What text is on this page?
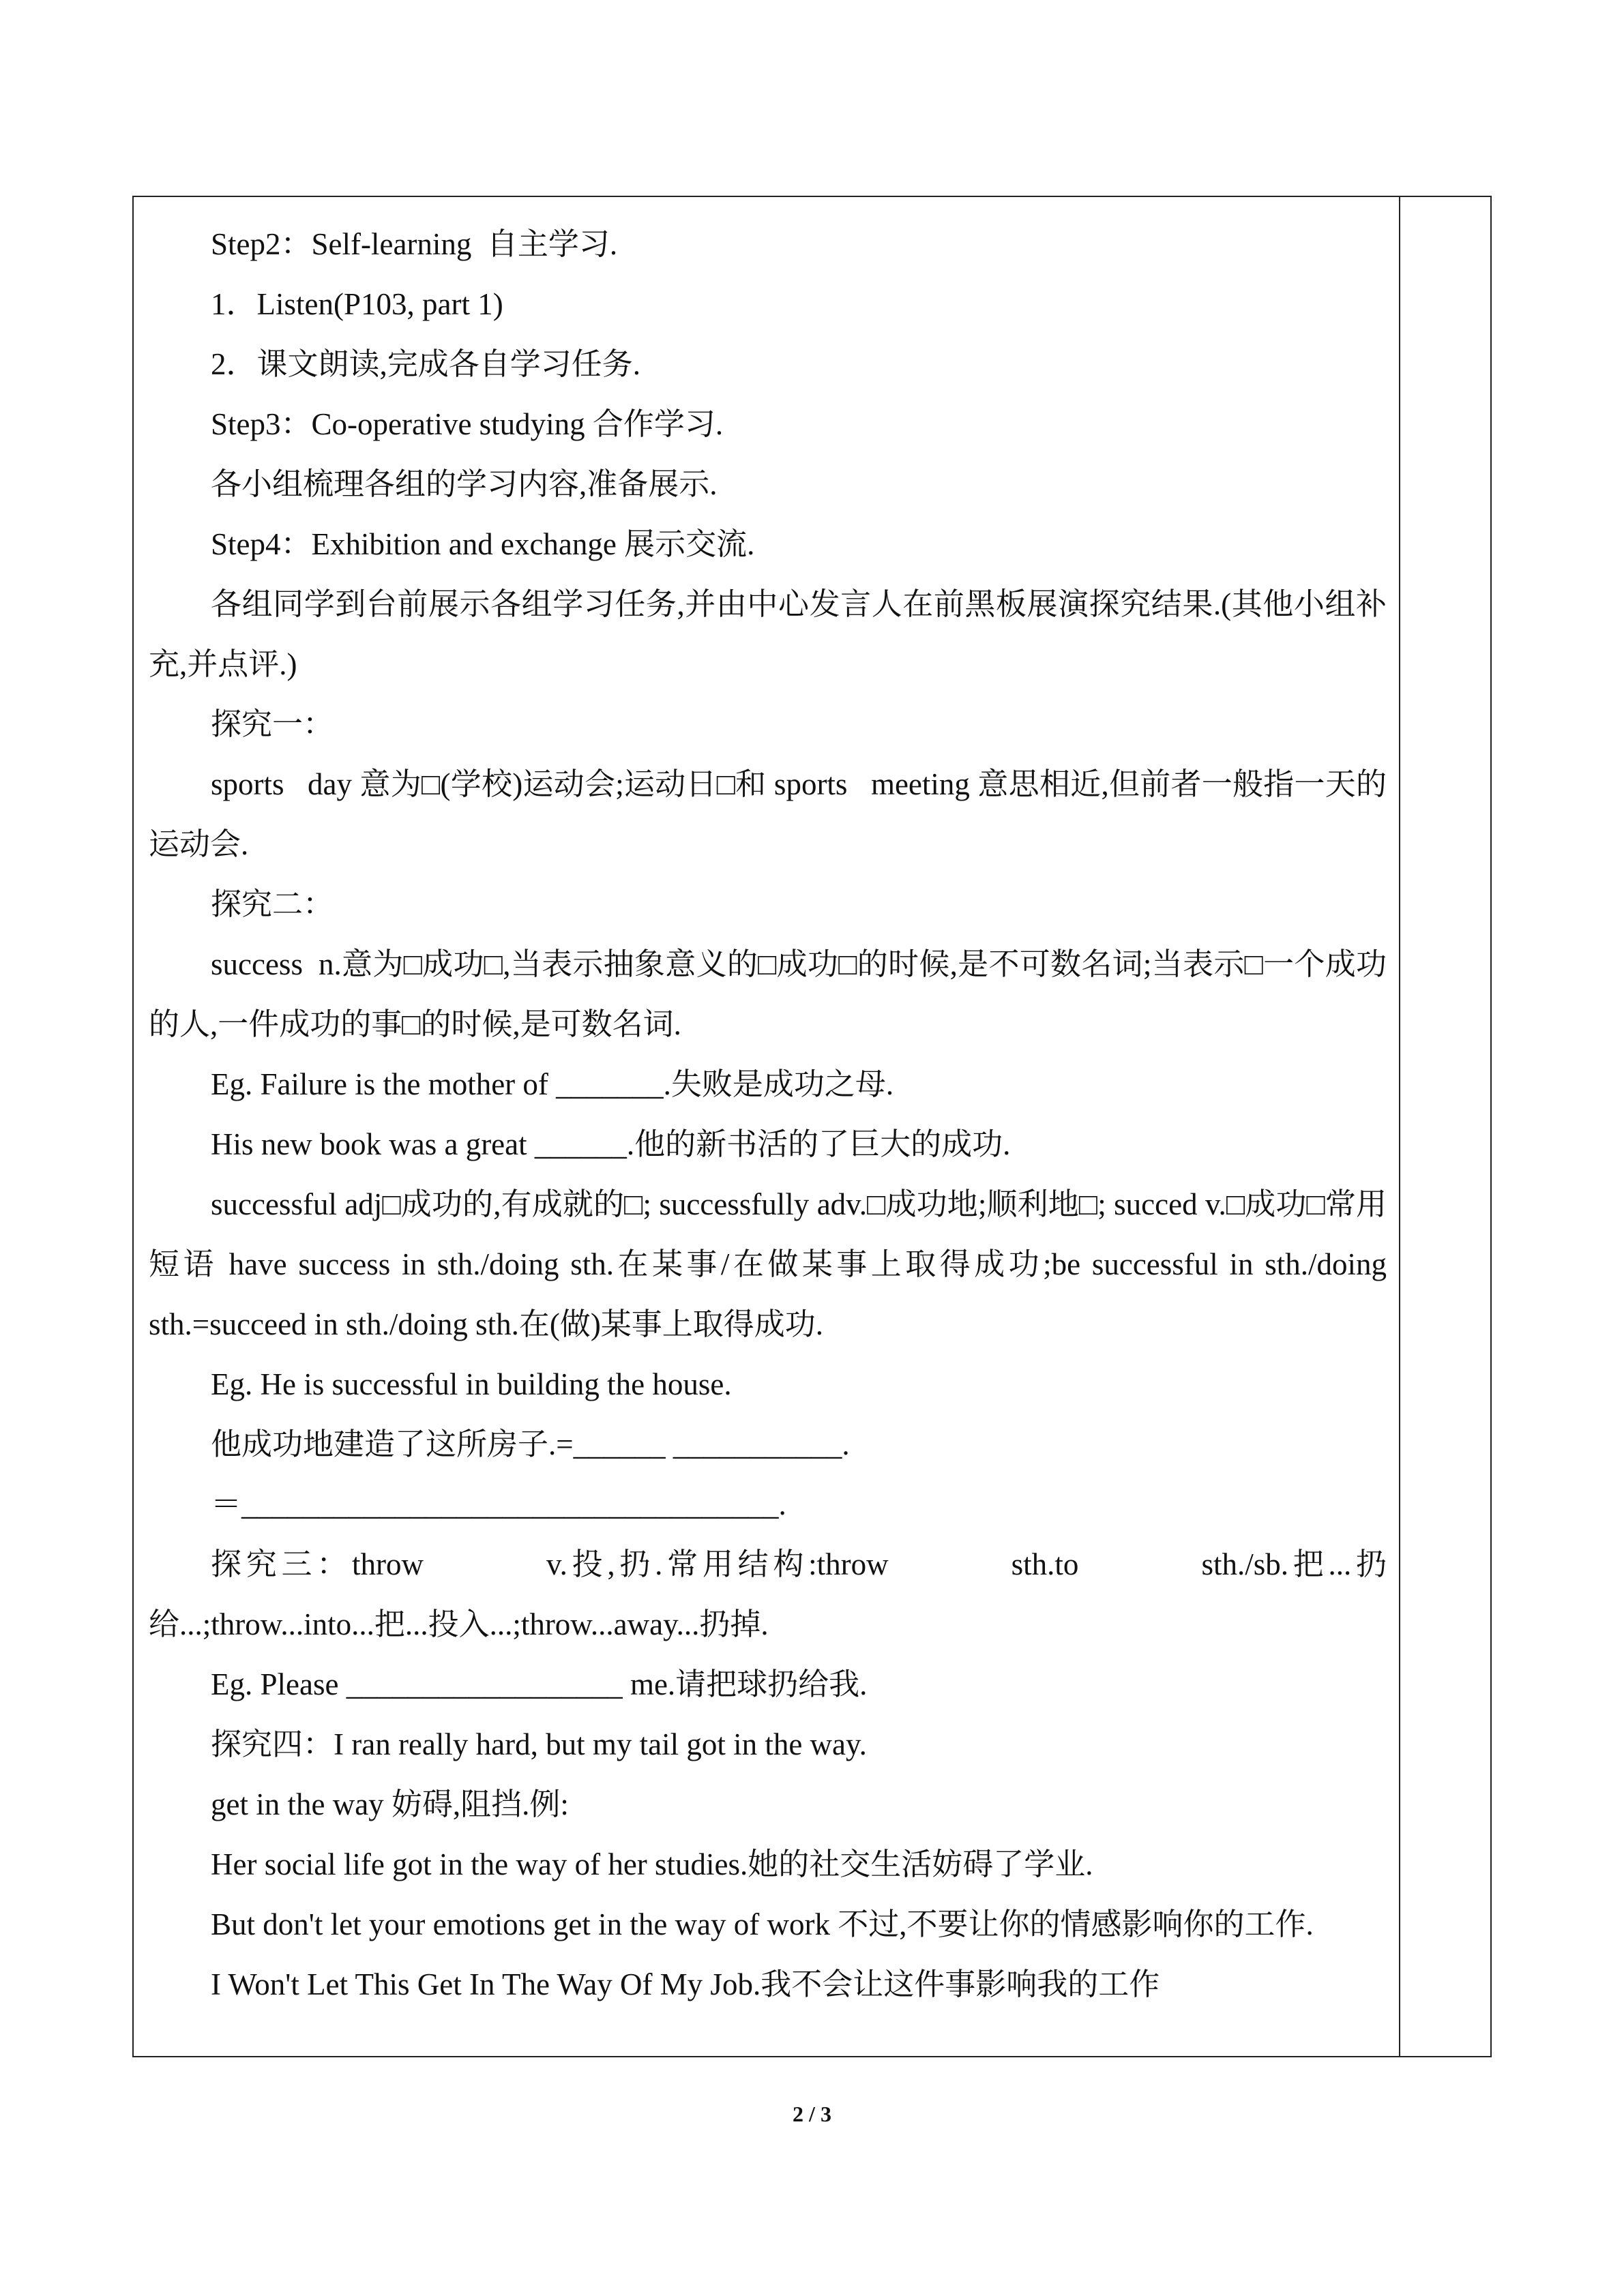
Step2：Self-learning  自主学习.

1．Listen(P103, part 1)

2．课文朗读,完成各自学习任务.

Step3：Co-operative studying 合作学习.

各小组梳理各组的学习内容,准备展示.

Step4：Exhibition and exchange 展示交流.

各组同学到台前展示各组学习任务,并由中心发言人在前黑板展演探究结果.(其他小组补充,并点评.)

探究一：

sports   day 意为□(学校)运动会;运动日□和 sports   meeting 意思相近,但前者一般指一天的运动会.

探究二：

success  n.意为□成功□,当表示抽象意义的□成功□的时候,是不可数名词;当表示□一个成功的人,一件成功的事□的时候,是可数名词.

Eg. Failure is the mother of _______.失败是成功之母.

His new book was a great ______.他的新书活的了巨大的成功.

successful adj□成功的,有成就的□; successfully adv.□成功地;顺利地□; succed v.□成功□常用短语 have success in sth./doing sth.在某事/在做某事上取得成功;be successful in sth./doing sth.=succeed in sth./doing sth.在(做)某事上取得成功.

Eg. He is successful in building the house.

他成功地建造了这所房子.=______ ___________.

＝___________________________________.

探究三：throw          v.投,扔.常用结构:throw          sth.to          sth./sb.把...扔给...;throw...into...把...投入...;throw...away...扔掉.

Eg. Please __________________ me.请把球扔给我.

探究四：I ran really hard, but my tail got in the way.

get in the way 妨碍,阻挡.例:

Her social life got in the way of her studies.她的社交生活妨碍了学业.

But don't let your emotions get in the way of work 不过,不要让你的情感影响你的工作.

I Won't Let This Get In The Way Of My Job.我不会让这件事影响我的工作

2 / 3
